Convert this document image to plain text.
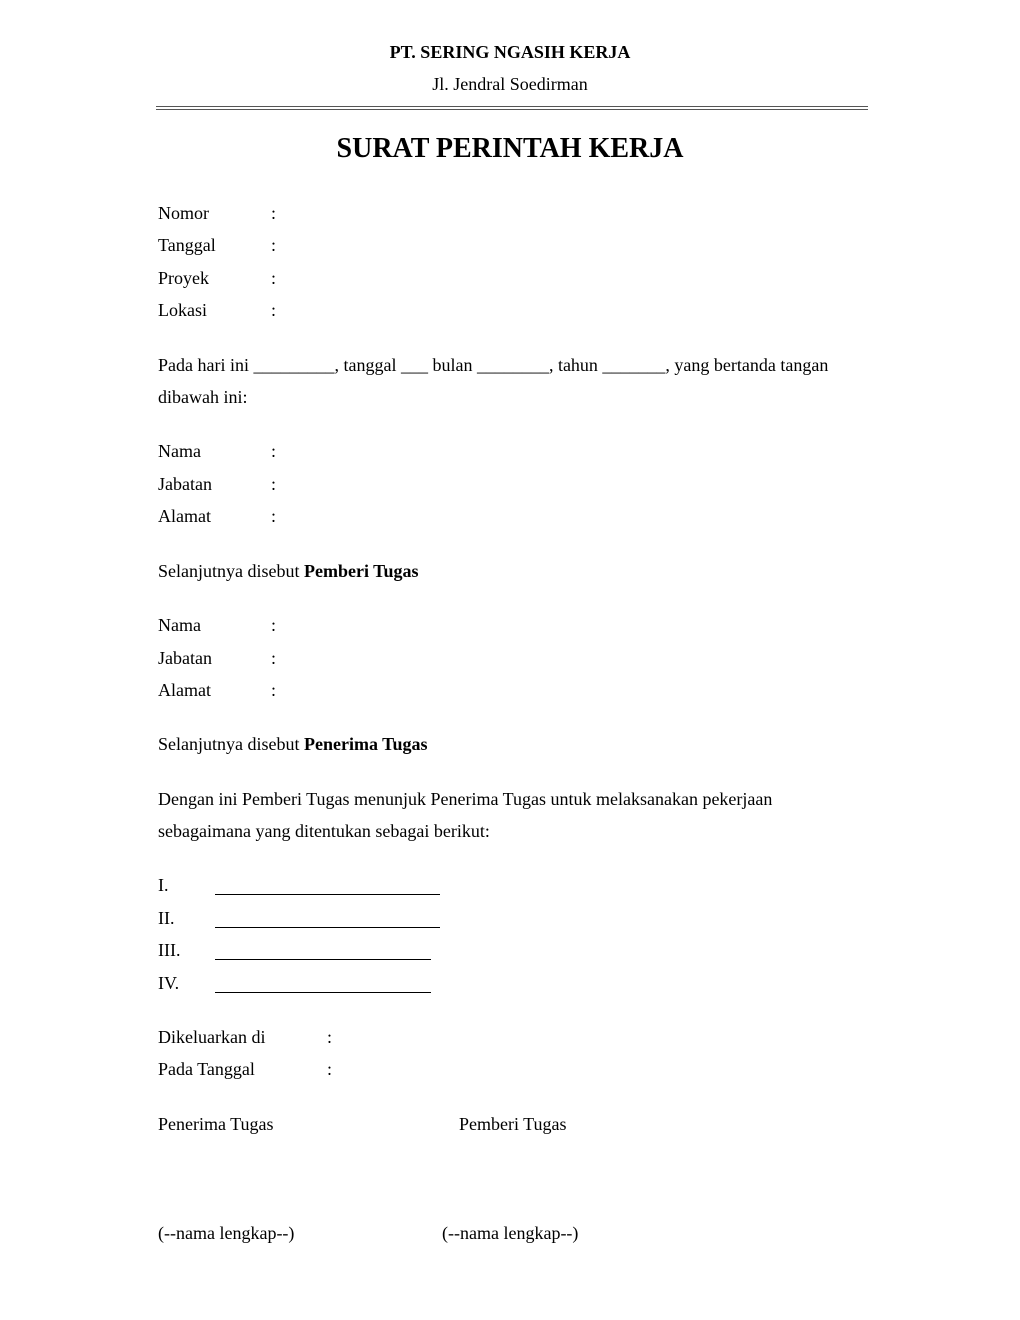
PT. SERING NGASIH KERJA
Jl. Jendral Soedirman
SURAT PERINTAH KERJA
Nomor	:
Tanggal	:
Proyek	:
Lokasi	:
Pada hari ini _________, tanggal ___ bulan ________, tahun _______, yang bertanda tangan
dibawah ini:
Nama	:
Jabatan	:
Alamat	:
Selanjutnya disebut Pemberi Tugas
Nama	:
Jabatan	:
Alamat	:
Selanjutnya disebut Penerima Tugas
Dengan ini Pemberi Tugas menunjuk Penerima Tugas untuk melaksanakan pekerjaan
sebagaimana yang ditentukan sebagai berikut:
I.
II.
III.
IV.
Dikeluarkan di	:
Pada Tanggal	:
Penerima Tugas	Pemberi Tugas
(--nama lengkap--)	(--nama lengkap--)
